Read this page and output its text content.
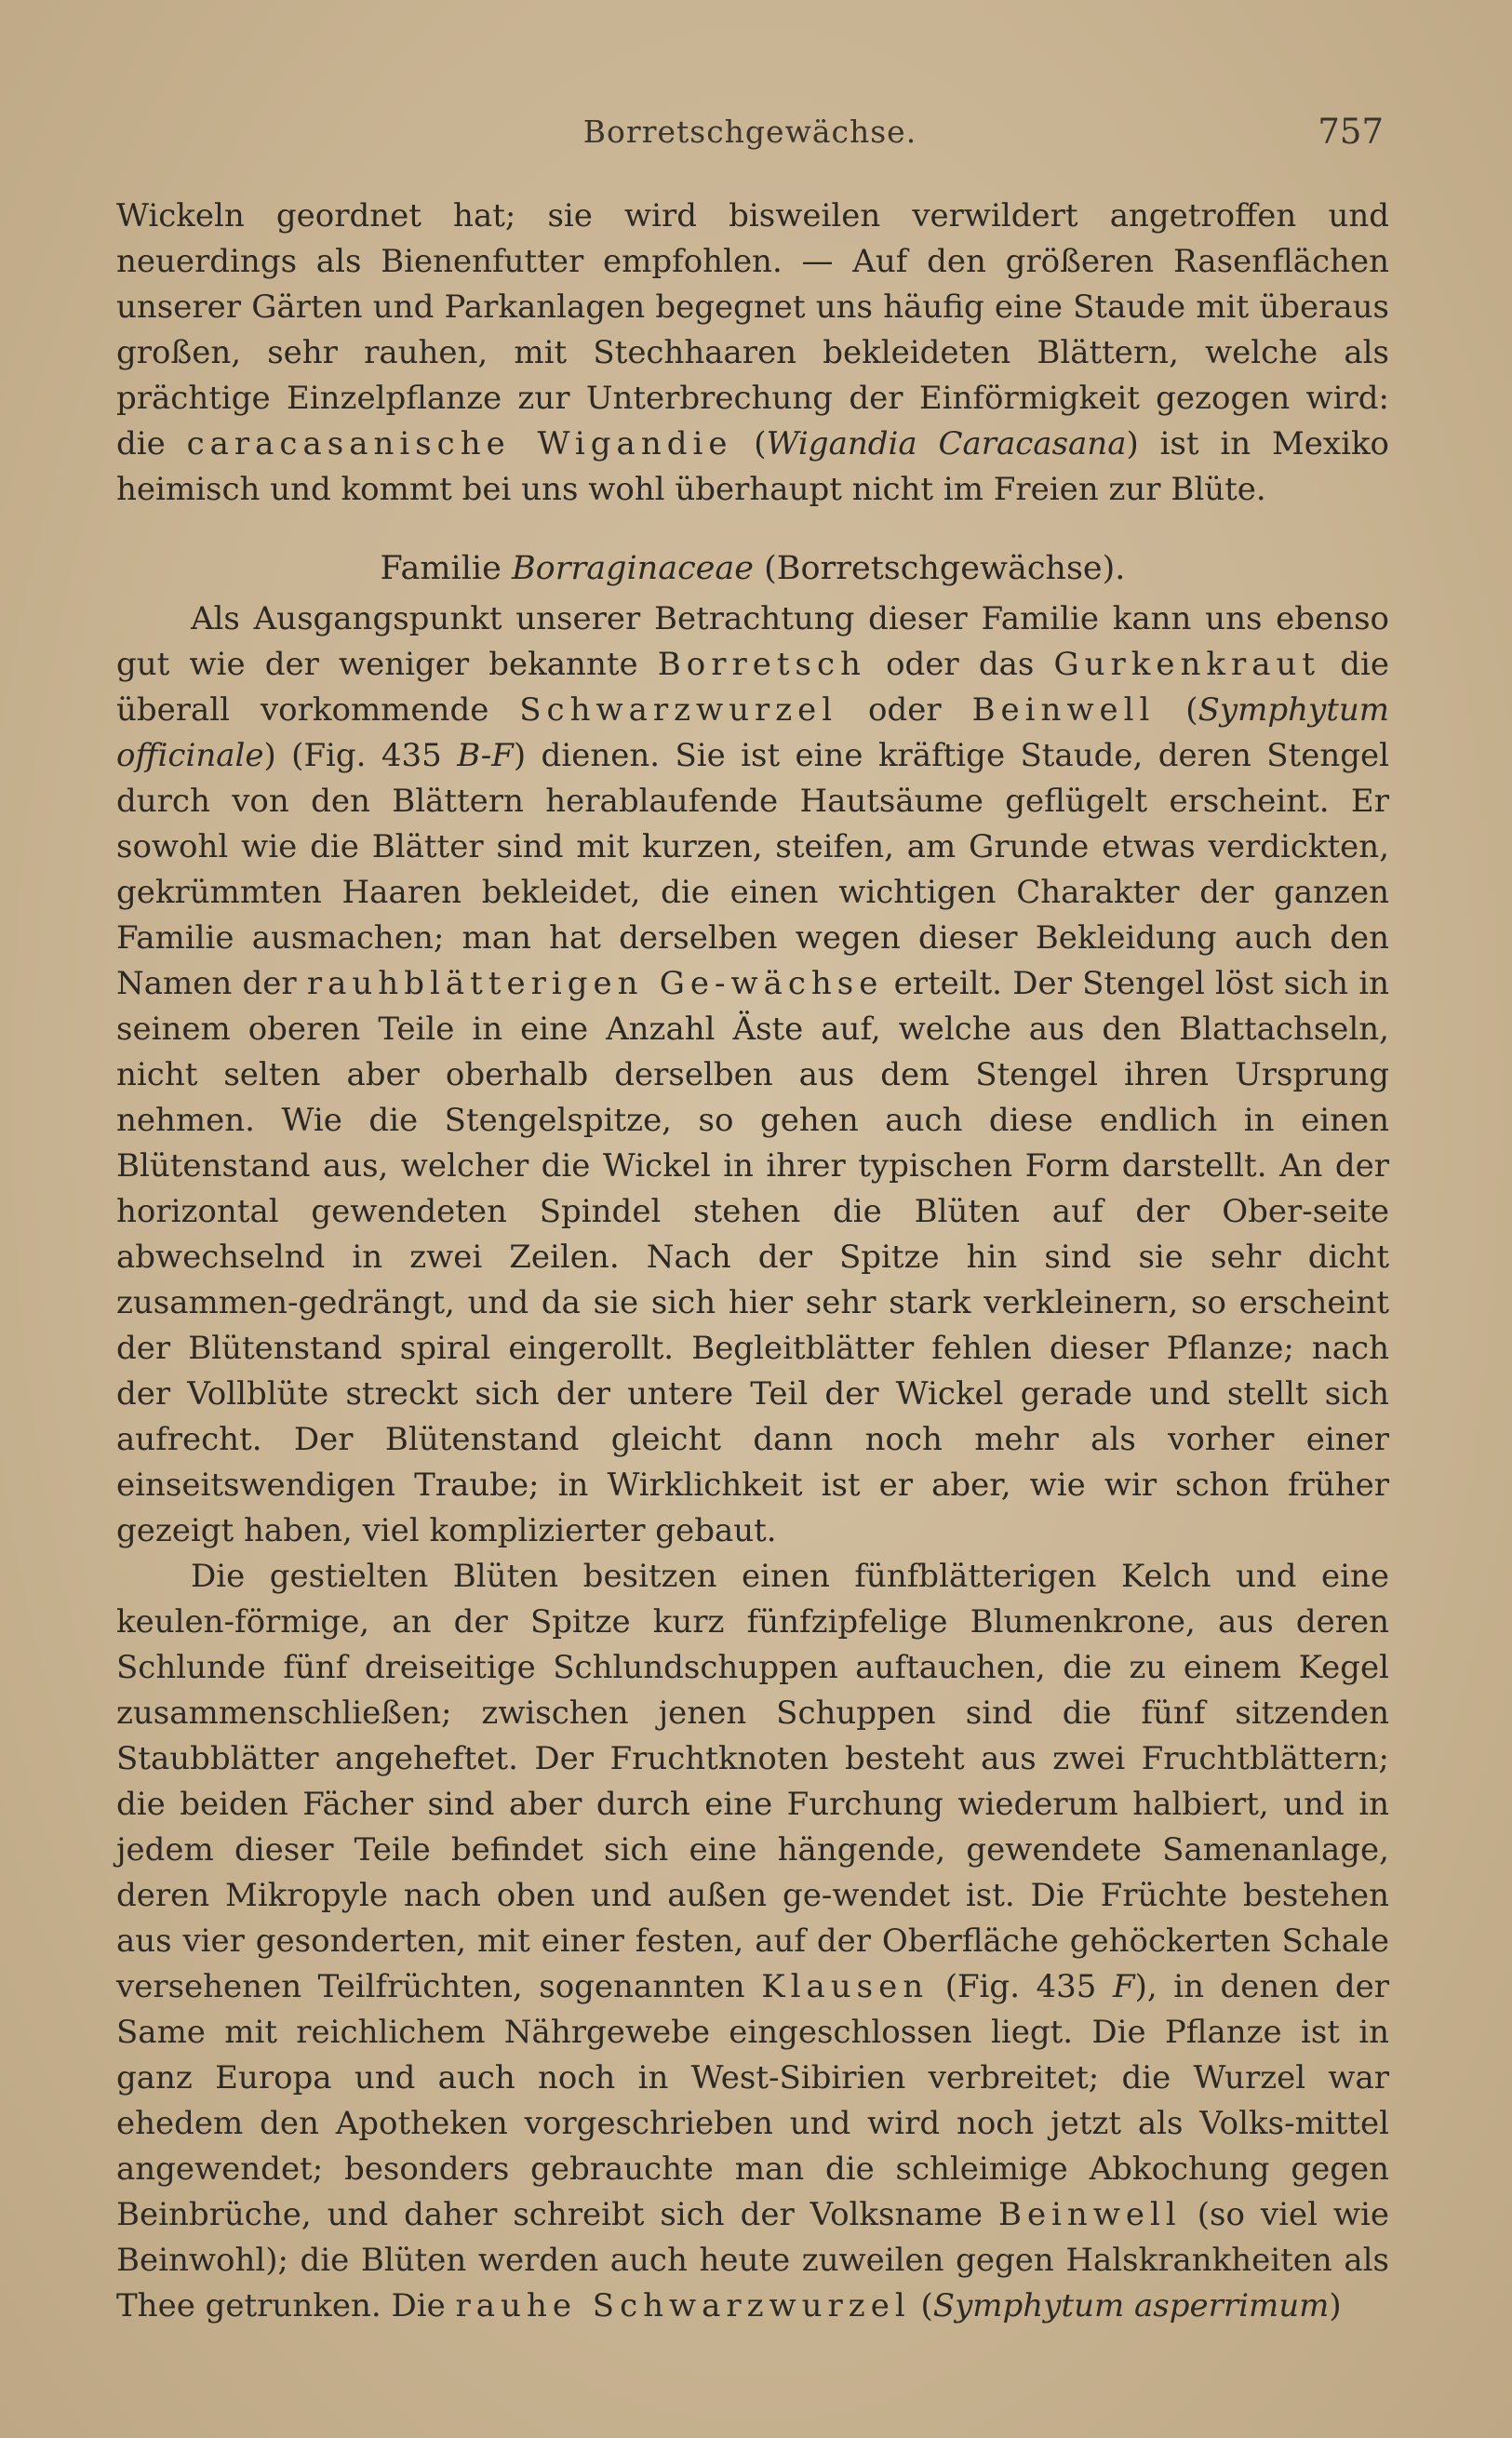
Borretschgewächse.	757

Wickeln geordnet hat; sie wird bisweilen verwildert angetroffen und neuerdings als Bienenfutter empfohlen. — Auf den größeren Rasenflächen unserer Gärten und Parkanlagen begegnet uns häufig eine Staude mit überaus großen, sehr rauhen, mit Stechhaaren bekleideten Blättern, welche als prächtige Einzelpflanze zur Unterbrechung der Einförmigkeit gezogen wird: die caracasanische Wigandie (Wigandia Caracasana) ist in Mexiko heimisch und kommt bei uns wohl überhaupt nicht im Freien zur Blüte.

Familie Borraginaceae (Borretschgewächse).

Als Ausgangspunkt unserer Betrachtung dieser Familie kann uns ebenso gut wie der weniger bekannte Borretsch oder das Gurkenkraut die überall vorkommende Schwarzwurzel oder Beinwell (Symphytum officinale) (Fig. 435 B-F) dienen. Sie ist eine kräftige Staude, deren Stengel durch von den Blättern herablaufende Hautsäume geflügelt erscheint. Er sowohl wie die Blätter sind mit kurzen, steifen, am Grunde etwas verdickten, gekrümmten Haaren bekleidet, die einen wichtigen Charakter der ganzen Familie ausmachen; man hat derselben wegen dieser Bekleidung auch den Namen der rauhblätterigen Ge-wächse erteilt. Der Stengel löst sich in seinem oberen Teile in eine Anzahl Äste auf, welche aus den Blattachseln, nicht selten aber oberhalb derselben aus dem Stengel ihren Ursprung nehmen. Wie die Stengelspitze, so gehen auch diese endlich in einen Blütenstand aus, welcher die Wickel in ihrer typischen Form darstellt. An der horizontal gewendeten Spindel stehen die Blüten auf der Ober-seite abwechselnd in zwei Zeilen. Nach der Spitze hin sind sie sehr dicht zusammen-gedrängt, und da sie sich hier sehr stark verkleinern, so erscheint der Blütenstand spiral eingerollt. Begleitblätter fehlen dieser Pflanze; nach der Vollblüte streckt sich der untere Teil der Wickel gerade und stellt sich aufrecht. Der Blütenstand gleicht dann noch mehr als vorher einer einseitswendigen Traube; in Wirklichkeit ist er aber, wie wir schon früher gezeigt haben, viel komplizierter gebaut.

Die gestielten Blüten besitzen einen fünfblätterigen Kelch und eine keulen-förmige, an der Spitze kurz fünfzipfelige Blumenkrone, aus deren Schlunde fünf dreiseitige Schlundschuppen auftauchen, die zu einem Kegel zusammenschließen; zwischen jenen Schuppen sind die fünf sitzenden Staubblätter angeheftet. Der Fruchtknoten besteht aus zwei Fruchtblättern; die beiden Fächer sind aber durch eine Furchung wiederum halbiert, und in jedem dieser Teile befindet sich eine hängende, gewendete Samenanlage, deren Mikropyle nach oben und außen ge-wendet ist. Die Früchte bestehen aus vier gesonderten, mit einer festen, auf der Oberfläche gehöckerten Schale versehenen Teilfrüchten, sogenannten Klausen (Fig. 435 F), in denen der Same mit reichlichem Nährgewebe eingeschlossen liegt. Die Pflanze ist in ganz Europa und auch noch in West-Sibirien verbreitet; die Wurzel war ehedem den Apotheken vorgeschrieben und wird noch jetzt als Volks-mittel angewendet; besonders gebrauchte man die schleimige Abkochung gegen Beinbrüche, und daher schreibt sich der Volksname Beinwell (so viel wie Beinwohl); die Blüten werden auch heute zuweilen gegen Halskrankheiten als Thee getrunken. Die rauhe Schwarzwurzel (Symphytum asperrimum)
